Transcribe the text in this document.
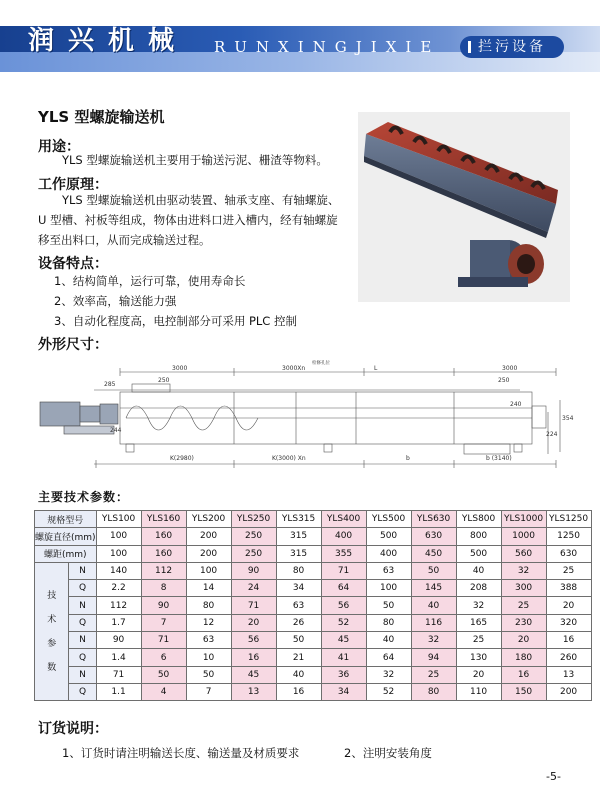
润兴机械 RUNXINGJIXIE	拦污设备
YLS 型螺旋输送机
用途：
YLS 型螺旋输送机主要用于输送污泥、栅渣等物料。
工作原理：
YLS 型螺旋输送机由驱动装置、轴承支座、有轴螺旋、
U 型槽、衬板等组成，物体由进料口进入槽内，经有轴螺旋
移至出料口，从而完成输送过程。
设备特点：
1、结构简单，运行可靠，使用寿命长
2、效率高，输送能力强
3、自动化程度高，电控制部分可采用 PLC 控制
外形尺寸：
3000	3000Xn	L	3000
检修孔位
285
250	250
240
354
224
244
K(2980)	K(3000) Xn	b	b (3140)
主要技术参数：
规格型号		YLS100	YLS160	YLS200	YLS250	YLS315	YLS400	YLS500	YLS630	YLS800	YLS1000	YLS1250
螺旋直径(mm)		100	160	200	250	315	400	500	630	800	1000	1250
螺距(mm)		100	160	200	250	315	355	400	450	500	560	630

技
术
参
数	N	140	112	100	90	80	71	63	50	40	32	25
	Q	2.2	8	14	24	34	64	100	145	208	300	388
	N	112	90	80	71	63	56	50	40	32	25	20
	Q	1.7	7	12	20	26	52	80	116	165	230	320
	N	90	71	63	56	50	45	40	32	25	20	16
	Q	1.4	6	10	16	21	41	64	94	130	180	260
	N	71	50	50	45	40	36	32	25	20	16	13
	Q	1.1	4	7	13	16	34	52	80	110	150	200
订货说明：
1、订货时请注明输送长度、输送量及材质要求	2、注明安装角度
-5-
